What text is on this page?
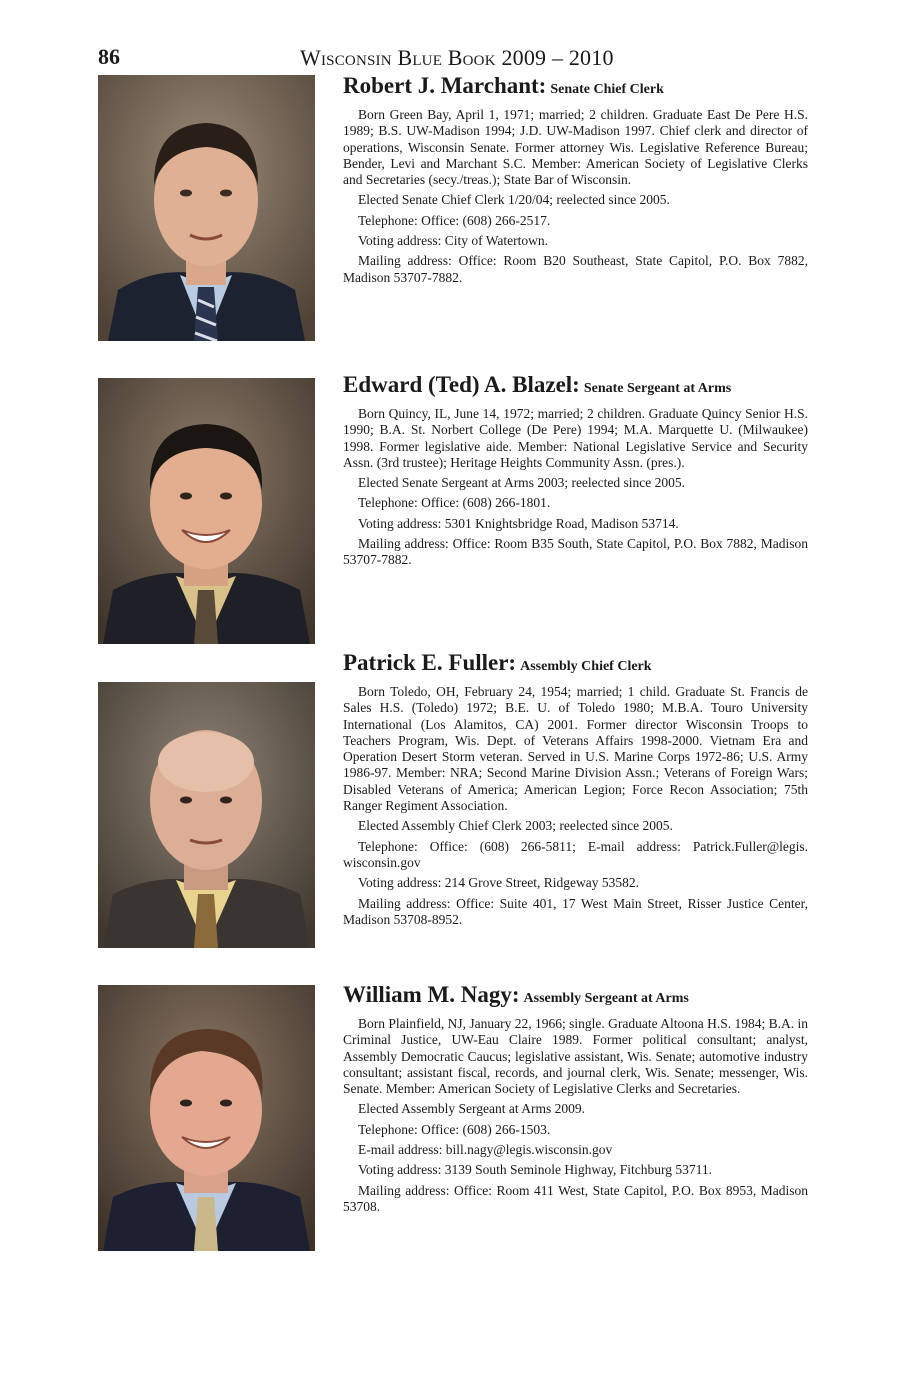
86	Wisconsin Blue Book 2009 – 2010
Robert J. Marchant: Senate Chief Clerk

Born Green Bay, April 1, 1971; married; 2 children. Graduate East De Pere H.S. 1989; B.S. UW-Madison 1994; J.D. UW-Madison 1997. Chief clerk and director of operations, Wisconsin Senate. Former attorney Wis. Legislative Reference Bureau; Bender, Levi and Marchant S.C. Member: American Society of Legislative Clerks and Secretaries (secy./treas.); State Bar of Wisconsin.

Elected Senate Chief Clerk 1/20/04; reelected since 2005.

Telephone: Office: (608) 266-2517.

Voting address: City of Watertown.

Mailing address: Office: Room B20 Southeast, State Capitol, P.O. Box 7882, Madison 53707-7882.

Edward (Ted) A. Blazel: Senate Sergeant at Arms

Born Quincy, IL, June 14, 1972; married; 2 children. Graduate Quincy Senior H.S. 1990; B.A. St. Norbert College (De Pere) 1994; M.A. Marquette U. (Milwaukee) 1998. Former legislative aide. Member: National Legislative Service and Security Assn. (3rd trustee); Heritage Heights Community Assn. (pres.).

Elected Senate Sergeant at Arms 2003; reelected since 2005.

Telephone: Office: (608) 266-1801.

Voting address: 5301 Knightsbridge Road, Madison 53714.

Mailing address: Office: Room B35 South, State Capitol, P.O. Box 7882, Madison 53707-7882.

Patrick E. Fuller: Assembly Chief Clerk

Born Toledo, OH, February 24, 1954; married; 1 child. Graduate St. Francis de Sales H.S. (Toledo) 1972; B.E. U. of Toledo 1980; M.B.A. Touro University International (Los Alamitos, CA) 2001. Former director Wisconsin Troops to Teachers Program, Wis. Dept. of Veterans Affairs 1998-2000. Vietnam Era and Operation Desert Storm veteran. Served in U.S. Marine Corps 1972-86; U.S. Army 1986-97. Member: NRA; Second Marine Division Assn.; Veterans of Foreign Wars; Disabled Veterans of America; American Legion; Force Recon Association; 75th Ranger Regiment Association.

Elected Assembly Chief Clerk 2003; reelected since 2005.

Telephone: Office: (608) 266-5811; E-mail address: Patrick.Fuller@legis.​wisconsin.gov

Voting address: 214 Grove Street, Ridgeway 53582.

Mailing address: Office: Suite 401, 17 West Main Street, Risser Justice Center, Madison 53708-8952.

William M. Nagy: Assembly Sergeant at Arms

Born Plainfield, NJ, January 22, 1966; single. Graduate Altoona H.S. 1984; B.A. in Criminal Justice, UW-Eau Claire 1989. Former political consultant; analyst, Assembly Democratic Caucus; legislative assistant, Wis. Senate; automotive industry consultant; assistant fiscal, records, and journal clerk, Wis. Senate; messenger, Wis. Senate. Member: American Society of Legislative Clerks and Secretaries.

Elected Assembly Sergeant at Arms 2009.

Telephone: Office: (608) 266-1503.

E-mail address: bill.nagy@legis.wisconsin.gov

Voting address: 3139 South Seminole Highway, Fitchburg 53711.

Mailing address: Office: Room 411 West, State Capitol, P.O. Box 8953, Madison 53708.
